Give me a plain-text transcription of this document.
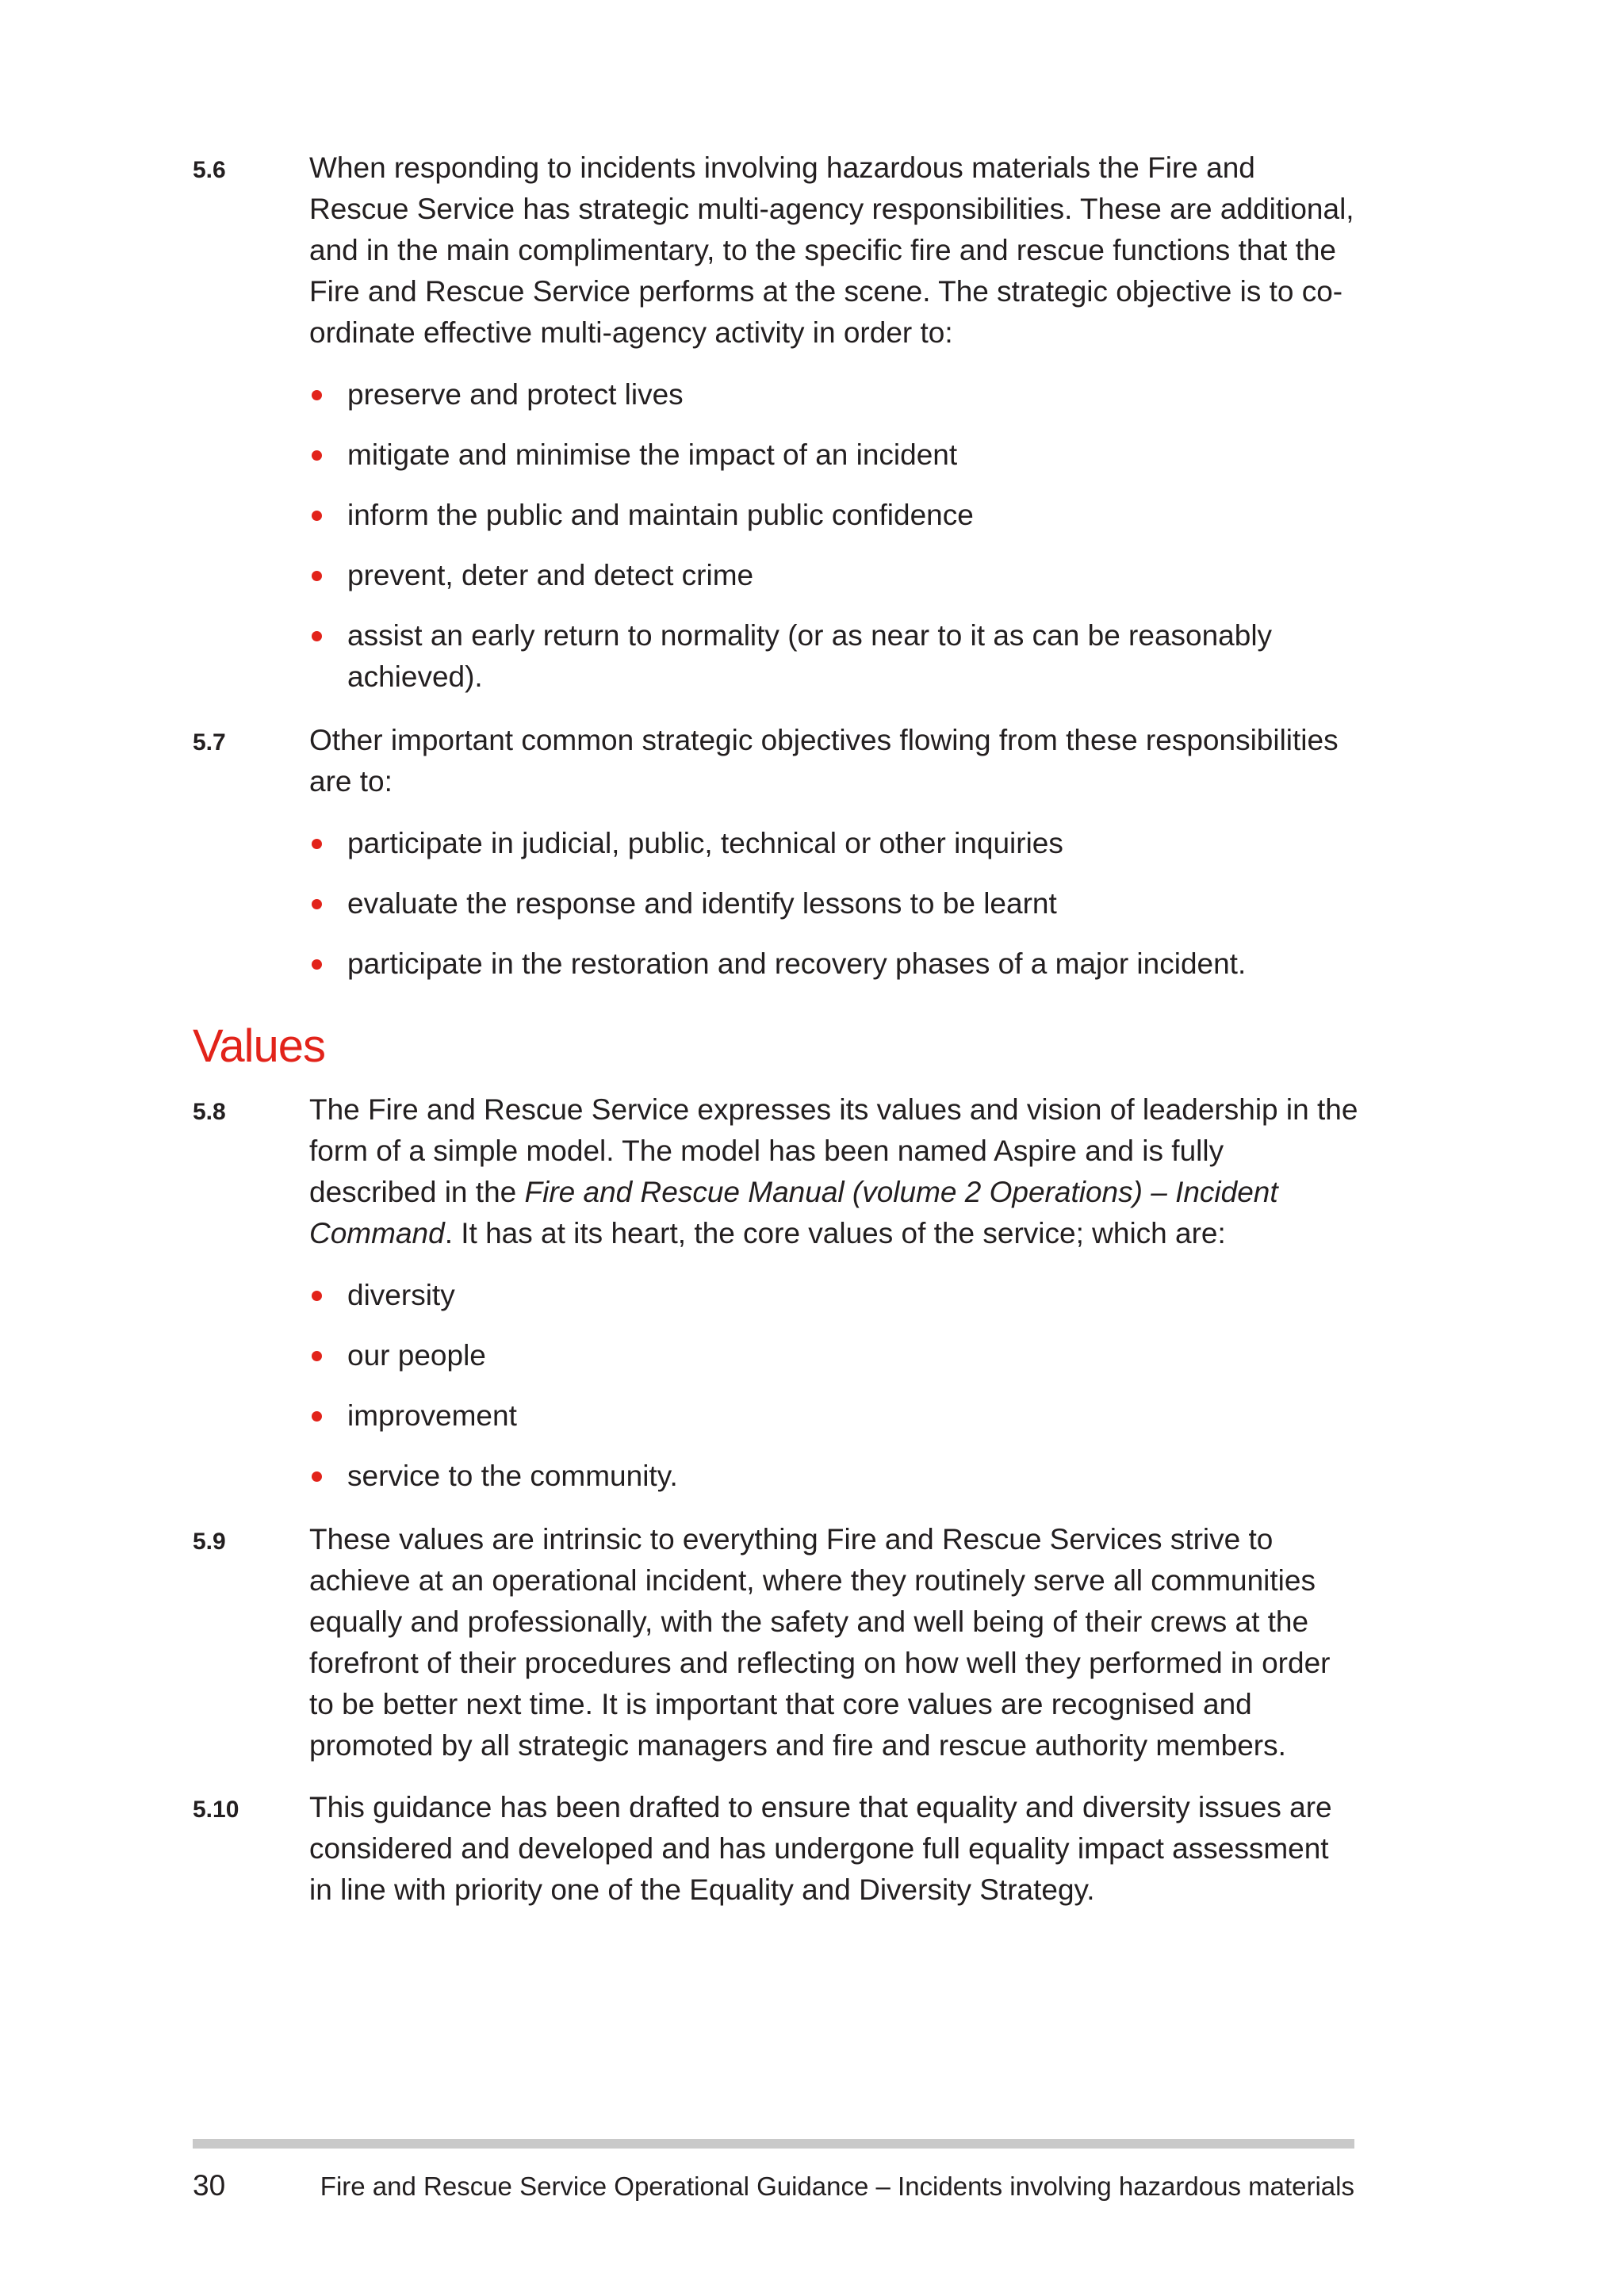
5.6	When responding to incidents involving hazardous materials the Fire and Rescue Service has strategic multi-agency responsibilities. These are additional, and in the main complimentary, to the specific fire and rescue functions that the Fire and Rescue Service performs at the scene. The strategic objective is to co-ordinate effective multi-agency activity in order to:
preserve and protect lives
mitigate and minimise the impact of an incident
inform the public and maintain public confidence
prevent, deter and detect crime
assist an early return to normality (or as near to it as can be reasonably achieved).
5.7	Other important common strategic objectives flowing from these responsibilities are to:
participate in judicial, public, technical or other inquiries
evaluate the response and identify lessons to be learnt
participate in the restoration and recovery phases of a major incident.
Values
5.8	The Fire and Rescue Service expresses its values and vision of leadership in the form of a simple model. The model has been named Aspire and is fully described in the Fire and Rescue Manual (volume 2 Operations) – Incident Command. It has at its heart, the core values of the service; which are:
diversity
our people
improvement
service to the community.
5.9	These values are intrinsic to everything Fire and Rescue Services strive to achieve at an operational incident, where they routinely serve all communities equally and professionally, with the safety and well being of their crews at the forefront of their procedures and reflecting on how well they performed in order to be better next time. It is important that core values are recognised and promoted by all strategic managers and fire and rescue authority members.
5.10	This guidance has been drafted to ensure that equality and diversity issues are considered and developed and has undergone full equality impact assessment in line with priority one of the Equality and Diversity Strategy.
30	Fire and Rescue Service Operational Guidance – Incidents involving hazardous materials
